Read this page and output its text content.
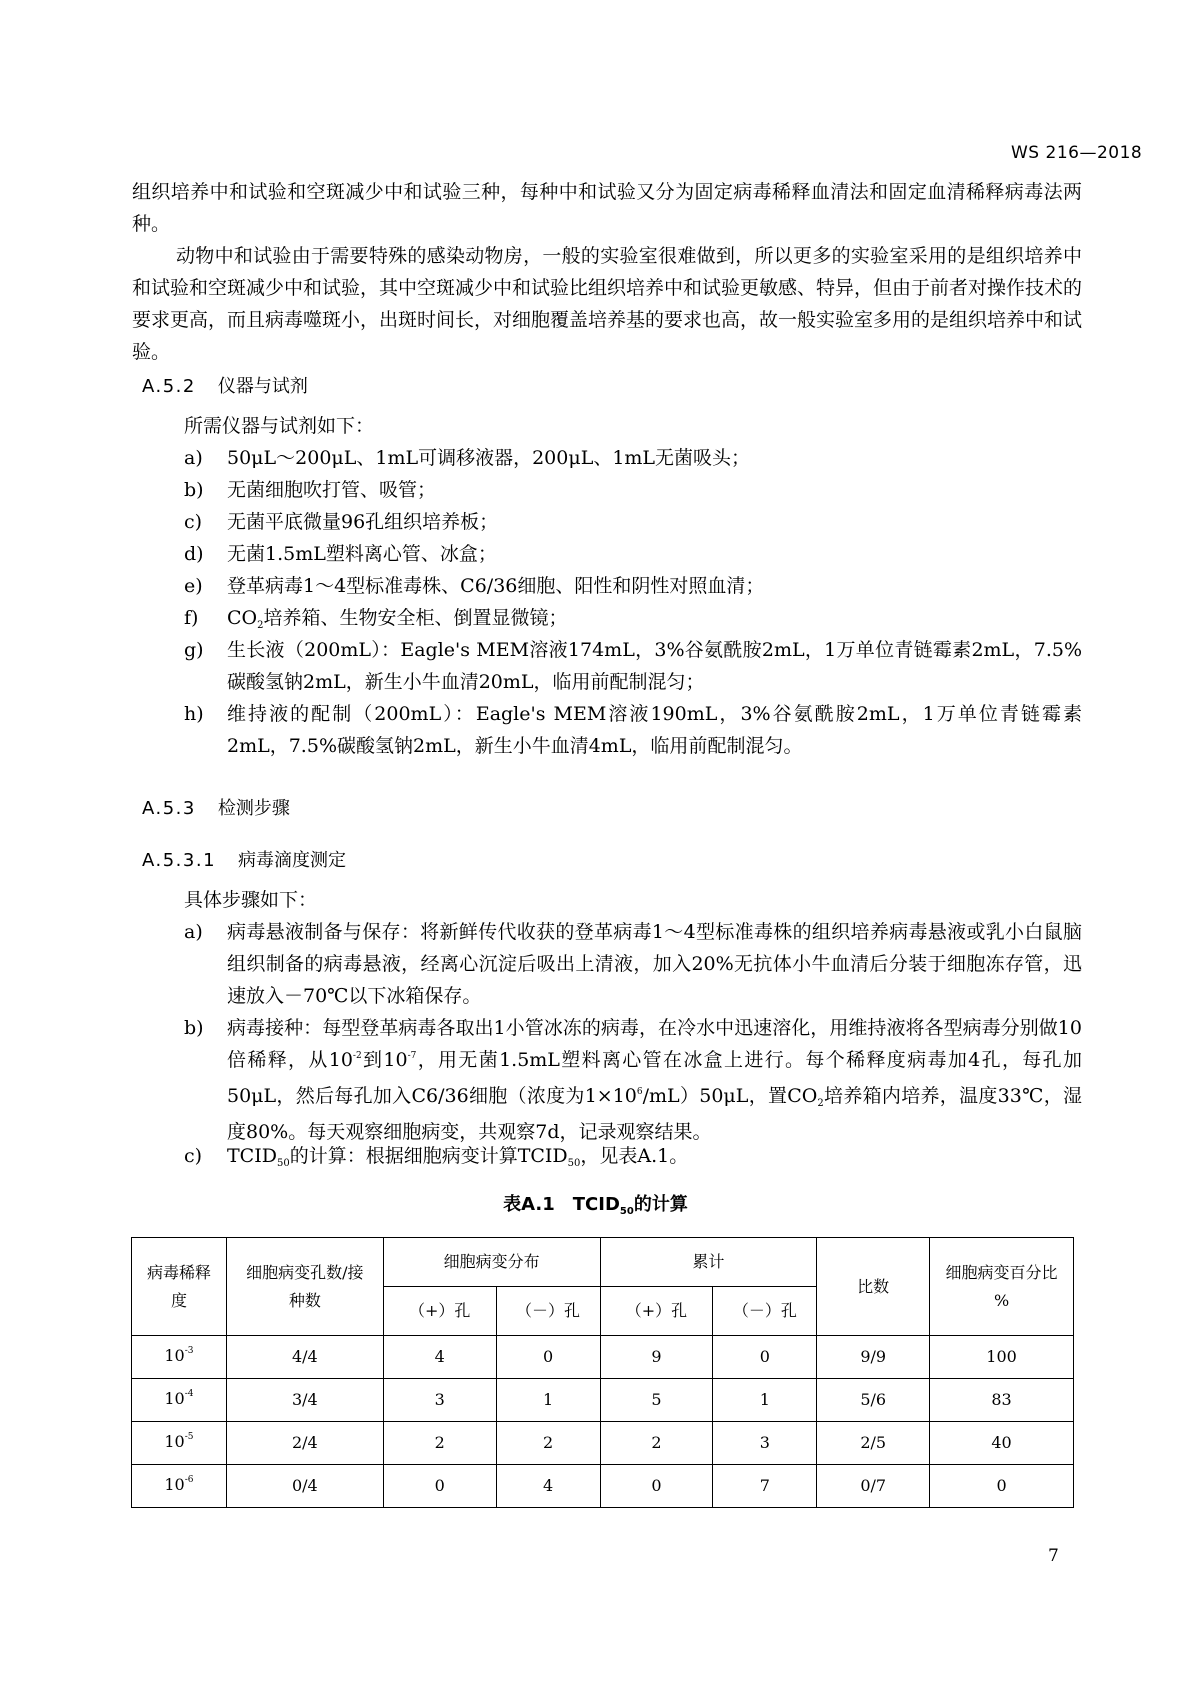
WS 216—2018
组织培养中和试验和空斑减少中和试验三种，每种中和试验又分为固定病毒稀释血清法和固定血清稀释病毒法两种。
动物中和试验由于需要特殊的感染动物房，一般的实验室很难做到，所以更多的实验室采用的是组织培养中和试验和空斑减少中和试验，其中空斑减少中和试验比组织培养中和试验更敏感、特异，但由于前者对操作技术的要求更高，而且病毒噬斑小，出斑时间长，对细胞覆盖培养基的要求也高，故一般实验室多用的是组织培养中和试验。
A.5.2 仪器与试剂
所需仪器与试剂如下：
a)	50μL～200μL、1mL可调移液器，200μL、1mL无菌吸头；
b)	无菌细胞吹打管、吸管；
c)	无菌平底微量96孔组织培养板；
d)	无菌1.5mL塑料离心管、冰盒；
e)	登革病毒1～4型标准毒株、C6/36细胞、阳性和阴性对照血清；
f)	$CO_2$培养箱、生物安全柜、倒置显微镜；
g)	生长液（200mL）：Eagle's MEM溶液174mL，3%谷氨酰胺2mL，1万单位青链霉素2mL，7.5%碳酸氢钠2mL，新生小牛血清20mL，临用前配制混匀；
h)	维持液的配制（200mL）：Eagle's MEM溶液190mL，3%谷氨酰胺2mL，1万单位青链霉素2mL，7.5%碳酸氢钠2mL，新生小牛血清4mL，临用前配制混匀。
A.5.3 检测步骤
A.5.3.1 病毒滴度测定
具体步骤如下：
a)	病毒悬液制备与保存：将新鲜传代收获的登革病毒1～4型标准毒株的组织培养病毒悬液或乳小白鼠脑组织制备的病毒悬液，经离心沉淀后吸出上清液，加入20%无抗体小牛血清后分装于细胞冻存管，迅速放入－70℃以下冰箱保存。
b)	病毒接种：每型登革病毒各取出1小管冰冻的病毒，在冷水中迅速溶化，用维持液将各型病毒分别做10倍稀释，从$10^{-2}$到$10^{-7}$，用无菌1.5mL塑料离心管在冰盒上进行。每个稀释度病毒加4孔，每孔加50μL，然后每孔加入C6/36细胞（浓度为$1\times 10^6/mL)50\mu L$，置$CO_2$培养箱内培养，温度33℃，湿度80%。每天观察细胞病变，共观察7d，记录观察结果。
c)	$TCID_{50}$的计算：根据细胞病变计算$TCID_{50}$，见表A.1。
表A.1　$TCID_{50}$的计算
病毒稀释度	细胞病变孔数/接种数	细胞病变分布		累计		比数	细胞病变百分比
%

		（+）孔	（－）孔	（+）孔	（－）孔		
$10^{-3}$	4/4	4	0	9	0	9/9	100
$10^{-4}$	3/4	3	1	5	1	5/6	83
$10^{-5}$	2/4	2	2	2	3	2/5	40
$10^{-6}$	0/4	0	4	0	7	0/7	0
7
